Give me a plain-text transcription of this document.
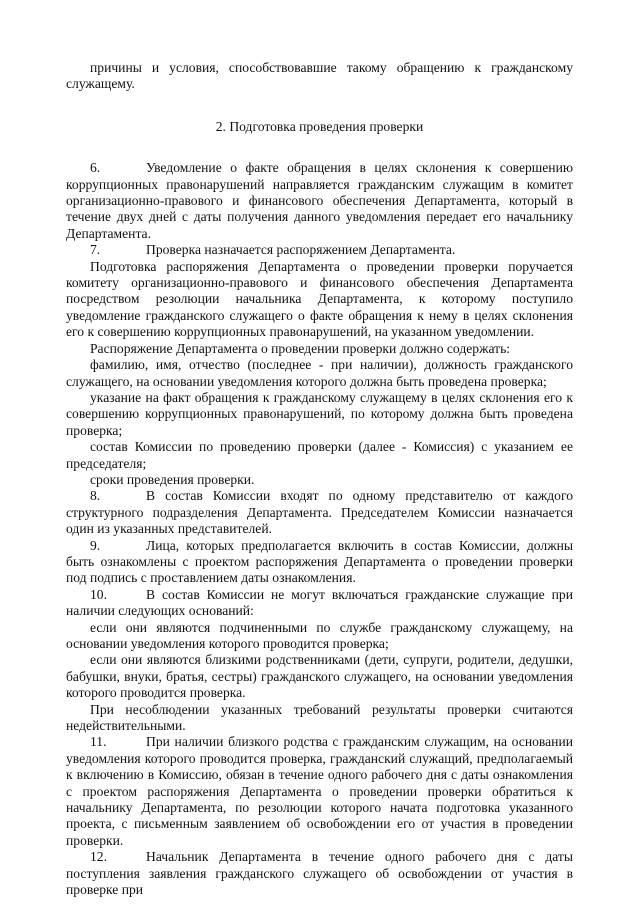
причины и условия, способствовавшие такому обращению к гражданскому служащему.

2. Подготовка проведения проверки

6.	Уведомление о факте обращения в целях склонения к совершению коррупционных правонарушений направляется гражданским служащим в комитет организационно-правового и финансового обеспечения Департамента, который в течение двух дней с даты получения данного уведомления передает его начальнику Департамента.

7.	Проверка назначается распоряжением Департамента.

Подготовка распоряжения Департамента о проведении проверки поручается комитету организационно-правового и финансового обеспечения Департамента посредством резолюции начальника Департамента, к которому поступило уведомление гражданского служащего о факте обращения к нему в целях склонения его к совершению коррупционных правонарушений, на указанном уведомлении.

Распоряжение Департамента о проведении проверки должно содержать:

фамилию, имя, отчество (последнее - при наличии), должность гражданского служащего, на основании уведомления которого должна быть проведена проверка;

указание на факт обращения к гражданскому служащему в целях склонения его к совершению коррупционных правонарушений, по которому должна быть проведена проверка;

состав Комиссии по проведению проверки (далее - Комиссия) с указанием ее председателя;

сроки проведения проверки.

8.	В состав Комиссии входят по одному представителю от каждого структурного подразделения Департамента. Председателем Комиссии назначается один из указанных представителей.

9.	Лица, которых предполагается включить в состав Комиссии, должны быть ознакомлены с проектом распоряжения Департамента о проведении проверки под подпись с проставлением даты ознакомления.

10.	В состав Комиссии не могут включаться гражданские служащие при наличии следующих оснований:

если они являются подчиненными по службе гражданскому служащему, на основании уведомления которого проводится проверка;

если они являются близкими родственниками (дети, супруги, родители, дедушки, бабушки, внуки, братья, сестры) гражданского служащего, на основании уведомления которого проводится проверка.

При несоблюдении указанных требований результаты проверки считаются недействительными.

11.	При наличии близкого родства с гражданским служащим, на основании уведомления которого проводится проверка, гражданский служащий, предполагаемый к включению в Комиссию, обязан в течение одного рабочего дня с даты ознакомления с проектом распоряжения Департамента о проведении проверки обратиться к начальнику Департамента, по резолюции которого начата подготовка указанного проекта, с письменным заявлением об освобождении его от участия в проведении проверки.

12.	Начальник Департамента в течение одного рабочего дня с даты поступления заявления гражданского служащего об освобождении от участия в проверке при
